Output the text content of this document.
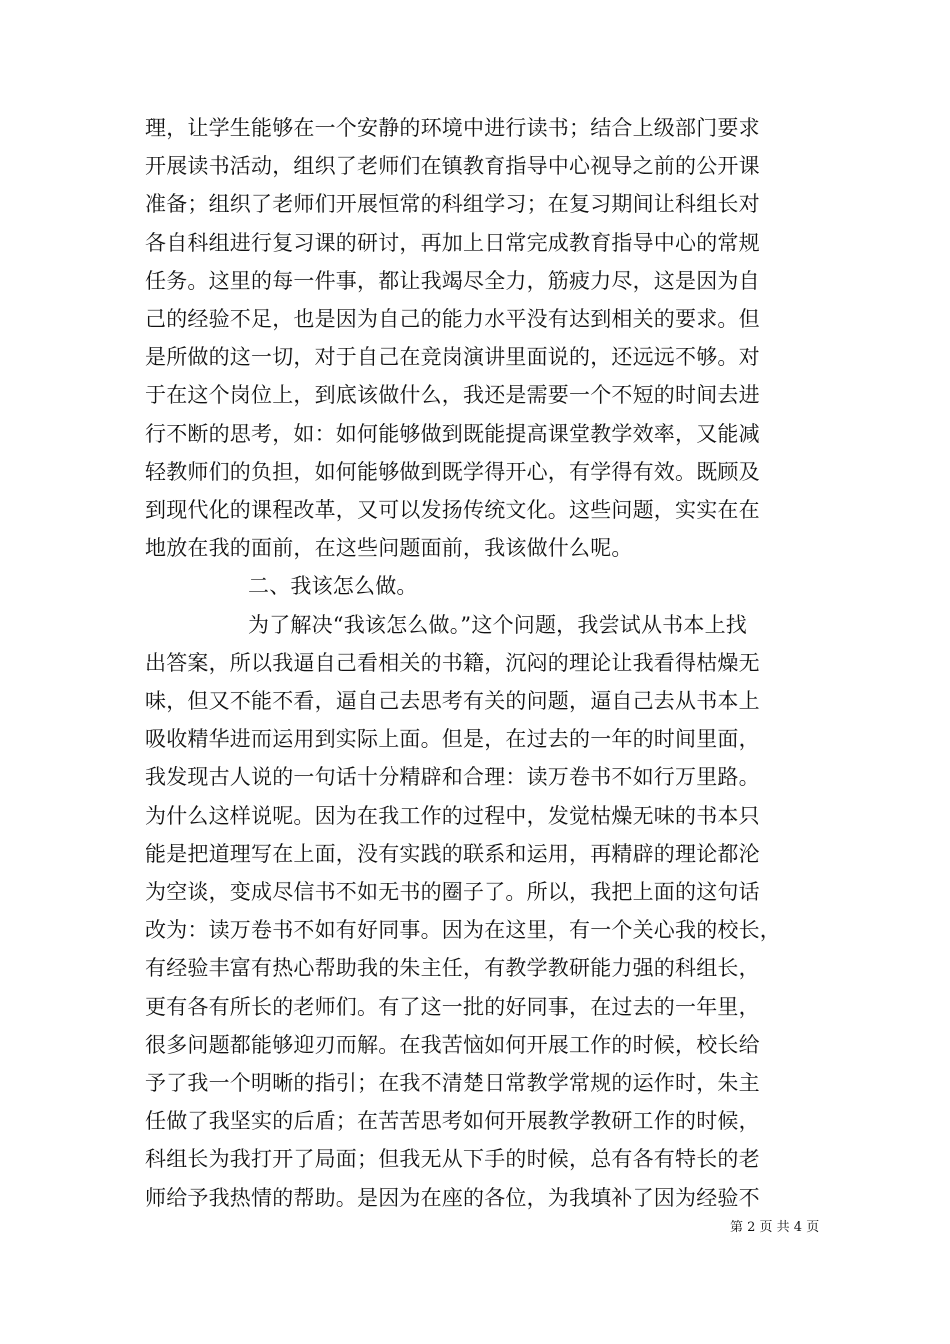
理，让学生能够在一个安静的环境中进行读书；结合上级部门要求
开展读书活动，组织了老师们在镇教育指导中心视导之前的公开课
准备；组织了老师们开展恒常的科组学习；在复习期间让科组长对
各自科组进行复习课的研讨，再加上日常完成教育指导中心的常规
任务。这里的每一件事，都让我竭尽全力，筋疲力尽，这是因为自
己的经验不足，也是因为自己的能力水平没有达到相关的要求。但
是所做的这一切，对于自己在竞岗演讲里面说的，还远远不够。对
于在这个岗位上，到底该做什么，我还是需要一个不短的时间去进
行不断的思考，如：如何能够做到既能提高课堂教学效率，又能减
轻教师们的负担，如何能够做到既学得开心，有学得有效。既顾及
到现代化的课程改革，又可以发扬传统文化。这些问题，实实在在
地放在我的面前，在这些问题面前，我该做什么呢。
二、我该怎么做。
为了解决“我该怎么做。”这个问题，我尝试从书本上找
出答案，所以我逼自己看相关的书籍，沉闷的理论让我看得枯燥无
味，但又不能不看，逼自己去思考有关的问题，逼自己去从书本上
吸收精华进而运用到实际上面。但是，在过去的一年的时间里面，
我发现古人说的一句话十分精辟和合理：读万卷书不如行万里路。
为什么这样说呢。因为在我工作的过程中，发觉枯燥无味的书本只
能是把道理写在上面，没有实践的联系和运用，再精辟的理论都沦
为空谈，变成尽信书不如无书的圈子了。所以，我把上面的这句话
改为：读万卷书不如有好同事。因为在这里，有一个关心我的校长，
有经验丰富有热心帮助我的朱主任，有教学教研能力强的科组长，
更有各有所长的老师们。有了这一批的好同事，在过去的一年里，
很多问题都能够迎刃而解。在我苦恼如何开展工作的时候，校长给
予了我一个明晰的指引；在我不清楚日常教学常规的运作时，朱主
任做了我坚实的后盾；在苦苦思考如何开展教学教研工作的时候，
科组长为我打开了局面；但我无从下手的时候，总有各有特长的老
师给予我热情的帮助。是因为在座的各位，为我填补了因为经验不
第 2 页 共 4 页
